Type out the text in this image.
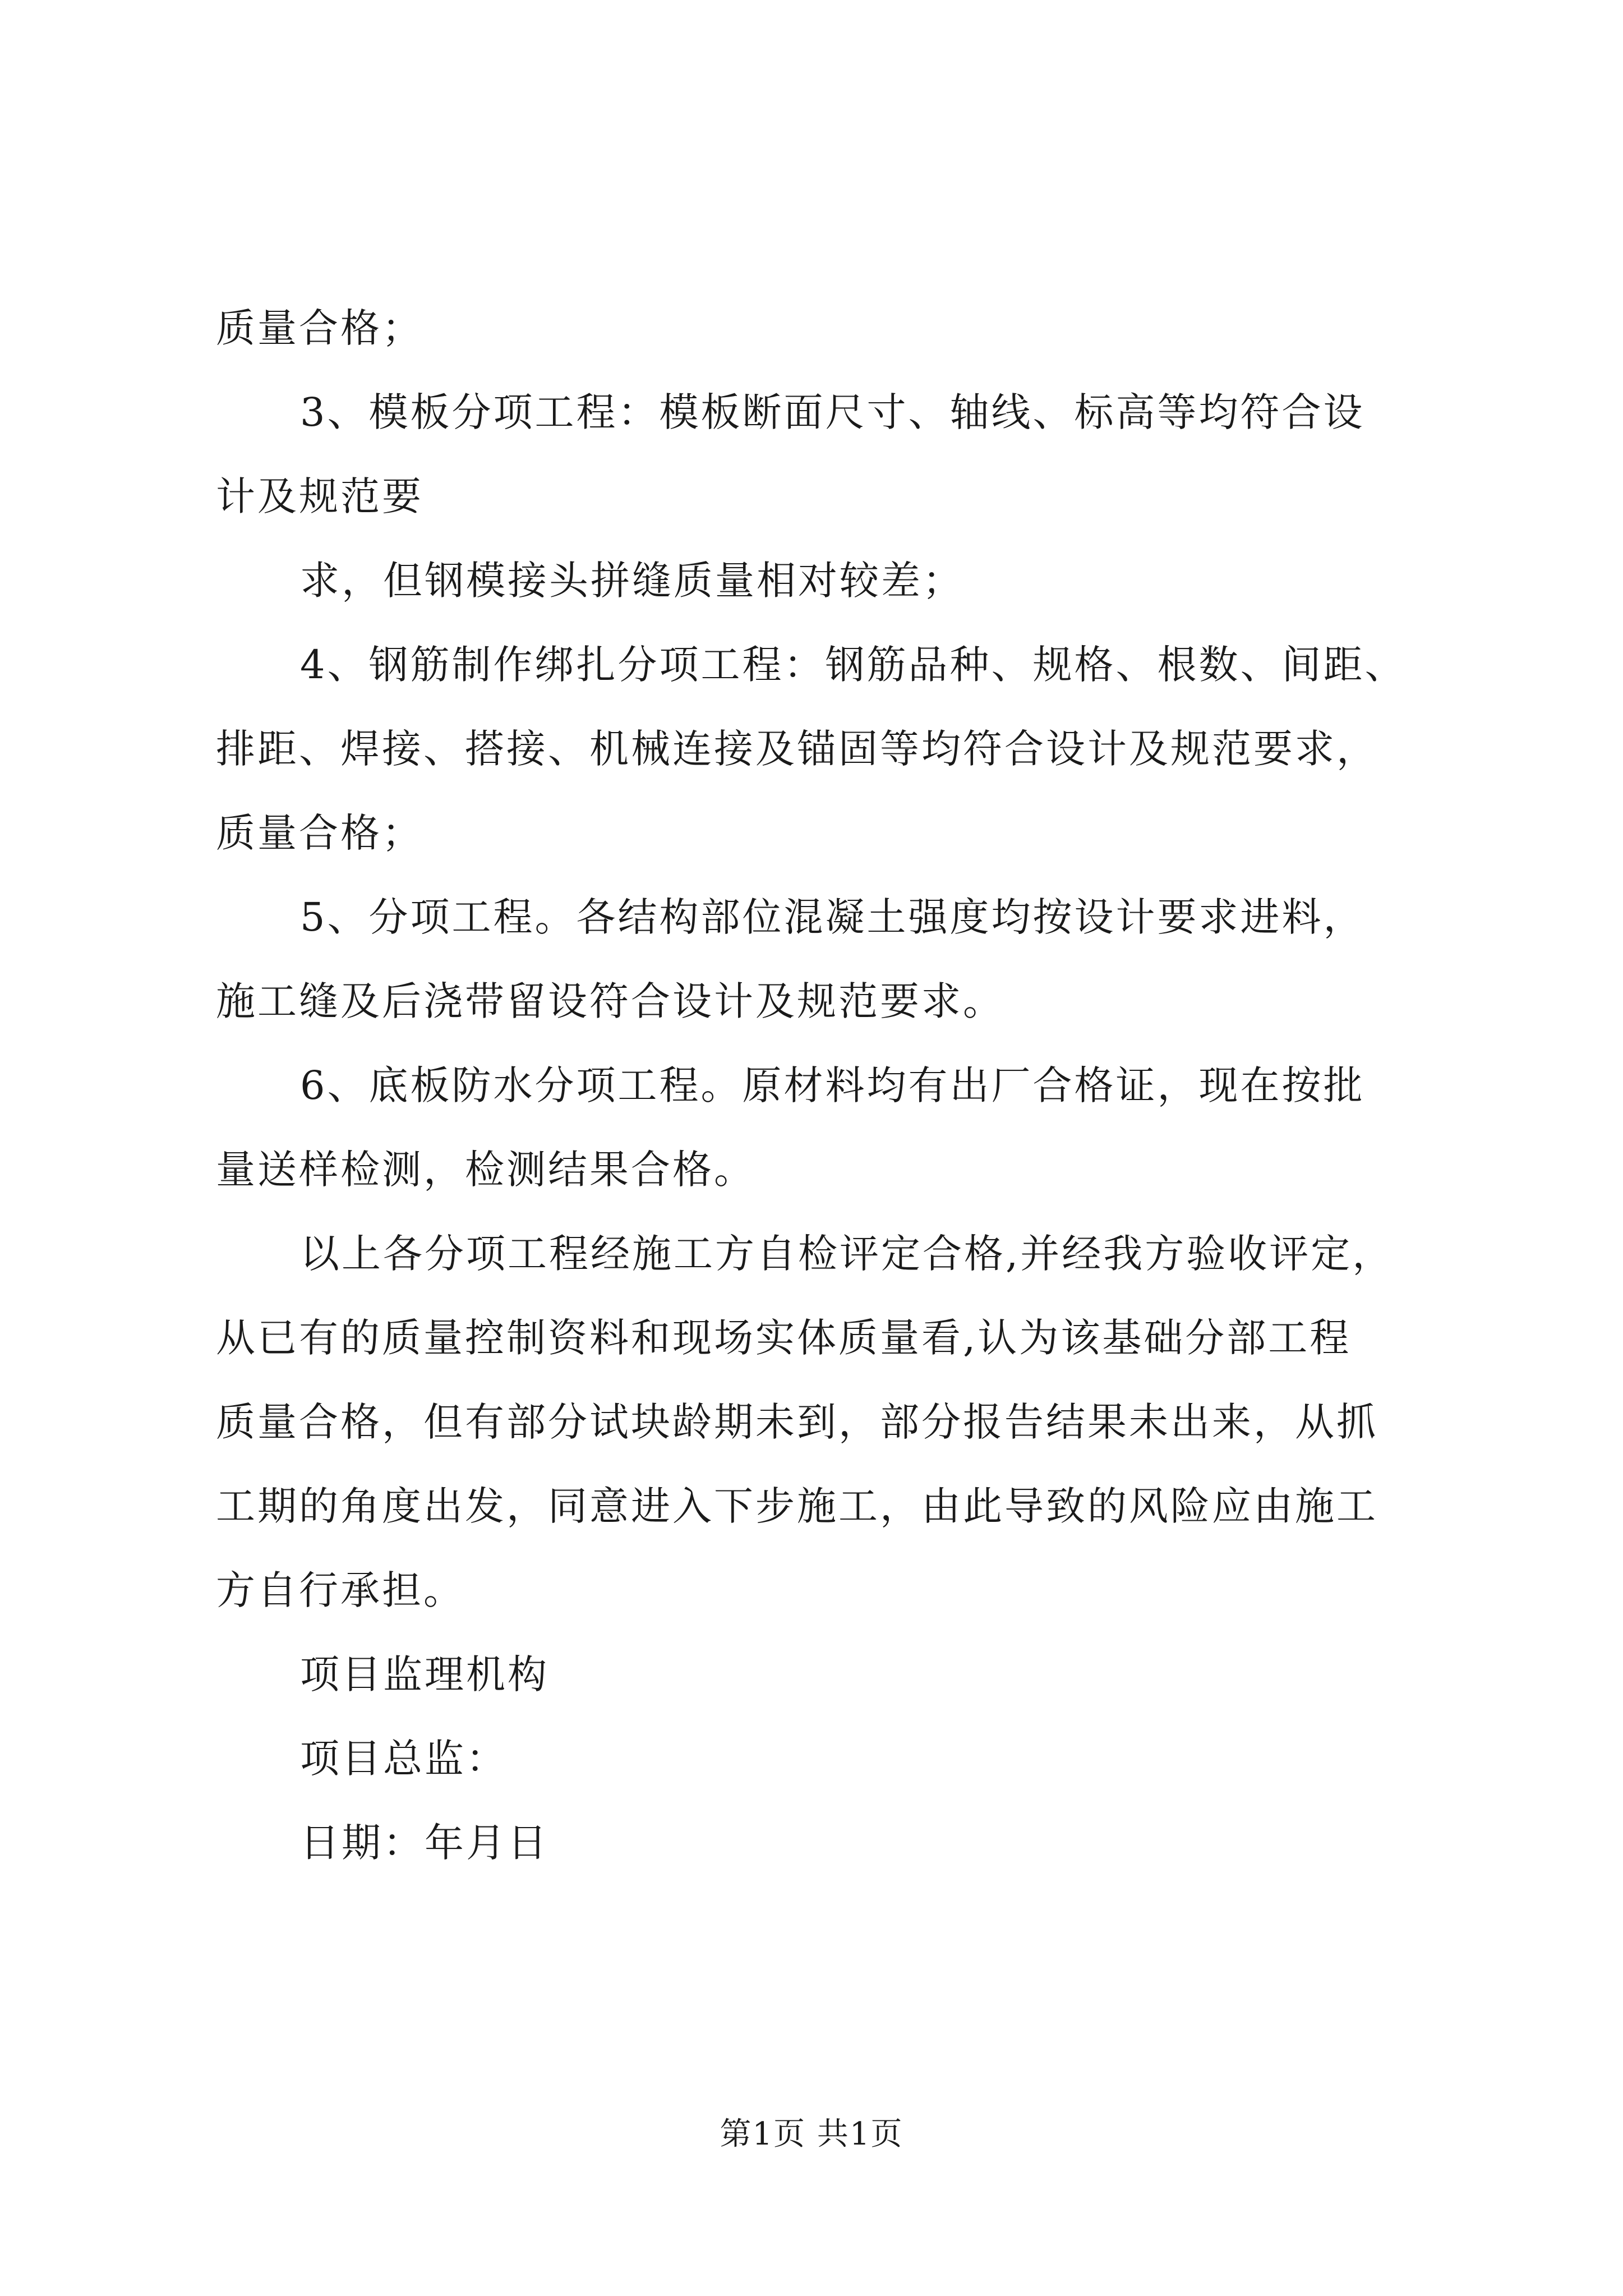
质量合格；
3、模板分项工程：模板断面尺寸、轴线、标高等均符合设
计及规范要
求，但钢模接头拼缝质量相对较差；
4、钢筋制作绑扎分项工程：钢筋品种、规格、根数、间距、
排距、焊接、搭接、机械连接及锚固等均符合设计及规范要求，
质量合格；
5、分项工程。各结构部位混凝土强度均按设计要求进料，
施工缝及后浇带留设符合设计及规范要求。
6、底板防水分项工程。原材料均有出厂合格证，现在按批
量送样检测，检测结果合格。
以上各分项工程经施工方自检评定合格,并经我方验收评定，
从已有的质量控制资料和现场实体质量看,认为该基础分部工程
质量合格，但有部分试块龄期未到，部分报告结果未出来，从抓
工期的角度出发，同意进入下步施工，由此导致的风险应由施工
方自行承担。
项目监理机构
项目总监：
日期：年月日
第1页 共1页
